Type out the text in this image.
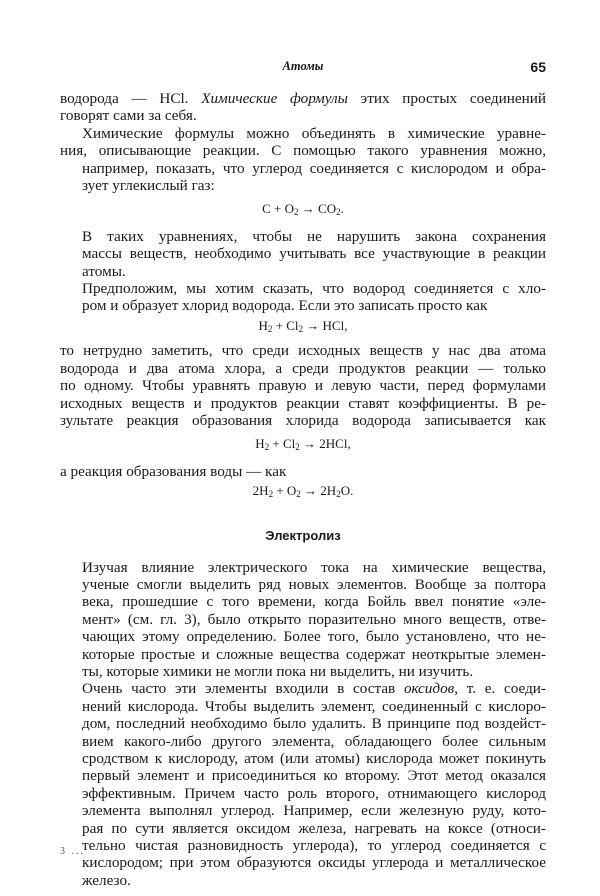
Атомы	65

водорода — HCl. Химические формулы этих простых соединений
говорят сами за себя.

Химические формулы можно объединять в химические уравне-
ния, описывающие реакции. С помощью такого уравнения можно,
например, показать, что углерод соединяется с кислородом и обра-
зует углекислый газ:

$C + O_2 \to CO_2$.

В таких уравнениях, чтобы не нарушить закона сохранения
массы веществ, необходимо учитывать все участвующие в реакции
атомы.

Предположим, мы хотим сказать, что водород соединяется с хло-
ром и образует хлорид водорода. Если это записать просто как

$H_2 + Cl_2$ → HCl,

то нетрудно заметить, что среди исходных веществ у нас два атома
водорода и два атома хлора, а среди продуктов реакции — только
по одному. Чтобы уравнять правую и левую части, перед формулами
исходных веществ и продуктов реакции ставят коэффициенты. В ре-
зультате реакция образования хлорида водорода записывается как

$H_2 + Cl_2 \to 2HCl$,

а реакция образования воды — как

$2H_2 + O_2 \to 2H_2O$.
Электролиз

Изучая влияние электрического тока на химические вещества,
ученые смогли выделить ряд новых элементов. Вообще за полтора
века, прошедшие с того времени, когда Бойль ввел понятие «эле-
мент» (см. гл. 3), было открыто поразительно много веществ, отве-
чающих этому определению. Более того, было установлено, что не-
которые простые и сложные вещества содержат неоткрытые элемен-
ты, которые химики не могли пока ни выделить, ни изучить.

Очень часто эти элементы входили в состав оксидов, т. е. соеди-
нений кислорода. Чтобы выделить элемент, соединенный с кислоро-
дом, последний необходимо было удалить. В принципе под воздейст-
вием какого-либо другого элемента, обладающего более сильным
сродством к кислороду, атом (или атомы) кислорода может покинуть
первый элемент и присоединиться ко второму. Этот метод оказался
эффективным. Причем часто роль второго, отнимающего кислород
элемента выполнял углерод. Например, если железную руду, кото-
рая по сути является оксидом железа, нагревать на коксе (относи-
тельно чистая разновидность углерода), то углерод соединяется с
кислородом; при этом образуются оксиды углерода и металлическое
железо.

3 ...
